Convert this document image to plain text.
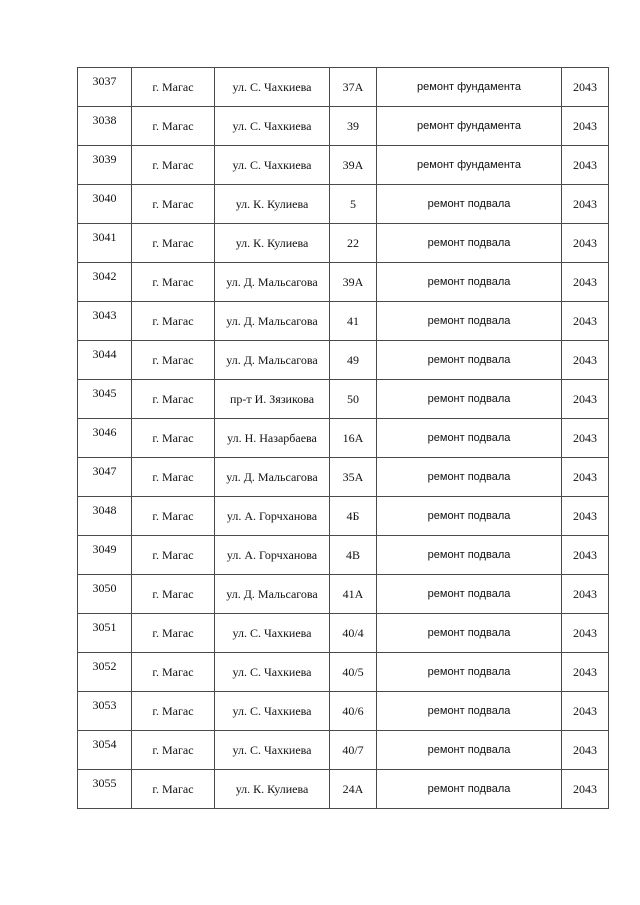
3037	г. Магас	ул. С. Чахкиева	37А	ремонт фундамента	2043
3038	г. Магас	ул. С. Чахкиева	39	ремонт фундамента	2043
3039	г. Магас	ул. С. Чахкиева	39А	ремонт фундамента	2043
3040	г. Магас	ул. К. Кулиева	5	ремонт подвала	2043
3041	г. Магас	ул. К. Кулиева	22	ремонт подвала	2043
3042	г. Магас	ул. Д. Мальсагова	39А	ремонт подвала	2043
3043	г. Магас	ул. Д. Мальсагова	41	ремонт подвала	2043
3044	г. Магас	ул. Д. Мальсагова	49	ремонт подвала	2043
3045	г. Магас	пр-т И. Зязикова	50	ремонт подвала	2043
3046	г. Магас	ул. Н. Назарбаева	16А	ремонт подвала	2043
3047	г. Магас	ул. Д. Мальсагова	35А	ремонт подвала	2043
3048	г. Магас	ул. А. Горчханова	4Б	ремонт подвала	2043
3049	г. Магас	ул. А. Горчханова	4В	ремонт подвала	2043
3050	г. Магас	ул. Д. Мальсагова	41А	ремонт подвала	2043
3051	г. Магас	ул. С. Чахкиева	40/4	ремонт подвала	2043
3052	г. Магас	ул. С. Чахкиева	40/5	ремонт подвала	2043
3053	г. Магас	ул. С. Чахкиева	40/6	ремонт подвала	2043
3054	г. Магас	ул. С. Чахкиева	40/7	ремонт подвала	2043
3055	г. Магас	ул. К. Кулиева	24А	ремонт подвала	2043
